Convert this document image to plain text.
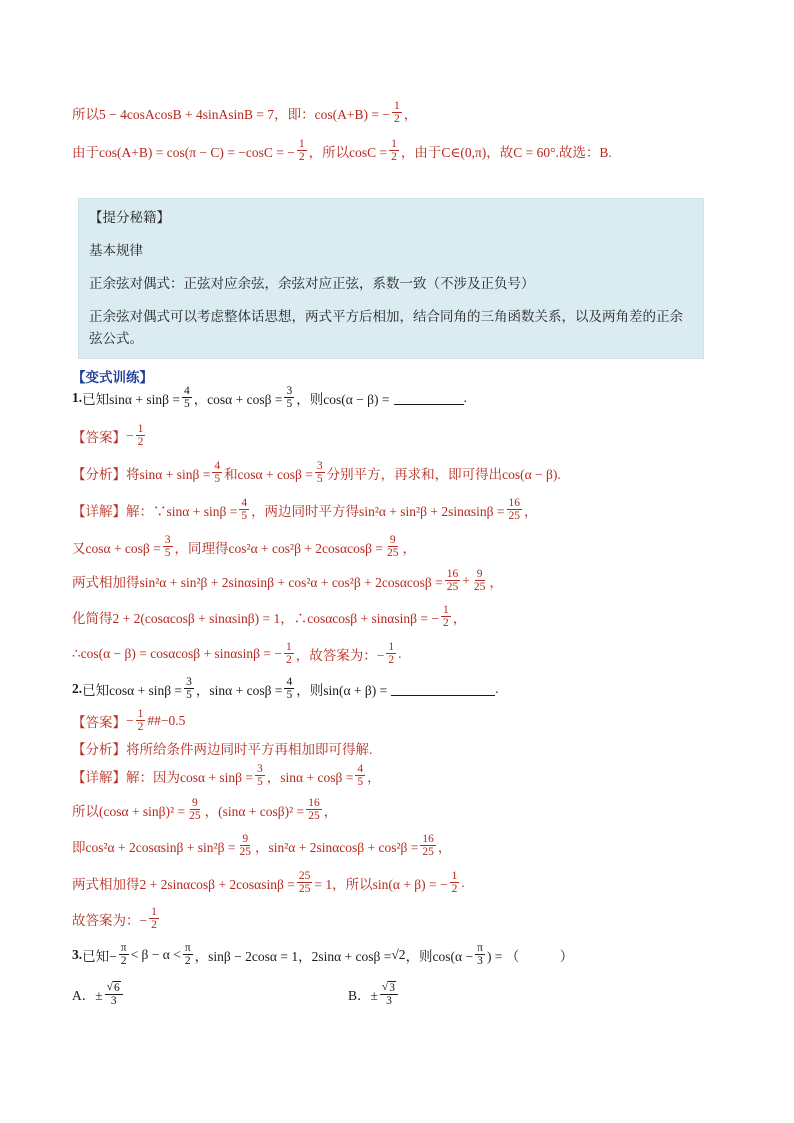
所以5 − 4cosAcosB + 4sinAsinB = 7，即：cos(A+B) = − $\frac{1}{2}$ ，
由于cos(A+B) = cos(π − C) = −cosC = − $\frac{1}{2}$ ，所以$\cos C = \frac{1}{2}$ ，由于C∈(0,π)，故C = 60°.故选：B.

【提分秘籍】

基本规律

正余弦对偶式：正弦对应余弦，余弦对应正弦，系数一致（不涉及正负号）

正余弦对偶式可以考虑整体话思想，两式平方后相加，结合同角的三角函数关系，以及两角差的正余弦公式。

【变式训练】
1. 已知$\sin\alpha + \sin\beta = \frac{4}{5}$ ，$\cos\alpha + \cos\beta = \frac{3}{5}$ ，则cos(α − β) =	.
【答案】 − $\frac{1}{2}$
【分析】 将$\sin\alpha + \sin\beta = \frac{4}{5}$ 和$\cos\alpha + \cos\beta = \frac{3}{5}$ 分别平方，再求和，即可得出cos(α − β).
【详解】 解：∵sinα + $\sin\beta = \frac{4}{5}$ ，两边同时平方得$\sin^2\alpha + \sin^2\beta + 2\sin\alpha\sin\beta = \frac{16}{25}$ ，
又$\cos\alpha + \cos\beta = \frac{3}{5}$ ，同理得$\cos^2\alpha + \cos^2\beta + 2\cos\alpha\cos\beta = \frac{9}{25}$ ，
两式相加得$\sin^2\alpha + \sin^2\beta + 2\sin\alpha\sin\beta + \cos^2\alpha + \cos^2\beta + 2\cos\alpha\cos\beta = \frac{16}{25} + \frac{9}{25}$ ，
化简得2 + 2(cosαcosβ + sinαsinβ) = 1，∴cosαcosβ + sinαsinβ = − $\frac{1}{2}$ ，
∴cos(α − β) = cosαcosβ + sinαsinβ = − $\frac{1}{2}$ ，故答案为：− $\frac{1}{2}$ .
2. 已知$\cos\alpha + \sin\beta = \frac{3}{5}$ ，$\sin\alpha + \cos\beta = \frac{4}{5}$ ，则sin(α + β) =	.
【答案】 − $\frac{1}{2}$ ##−0.5
【分析】 将所给条件两边同时平方再相加即可得解.
【详解】 解：因为$\cos\alpha + \sin\beta = \frac{3}{5}$ ，$\sin\alpha + \cos\beta = \frac{4}{5}$ ，
所以$(\cos\alpha + \sin\beta)^2 = \frac{9}{25}$ ，$(\sin\alpha + \cos\beta)^2 = \frac{16}{25}$ ，
即$\cos^2\alpha + 2\cos\alpha\sin\beta + \sin^2\beta = \frac{9}{25}$ ，$\sin^2\alpha + 2\sin\alpha\cos\beta + \cos^2\beta = \frac{16}{25}$ ，
两式相加得$2 + 2\sin\alpha\cos\beta + 2\cos\alpha\sin\beta = \frac{25}{25} = 1$，所以sin(α + β) = − $\frac{1}{2}$ .
故答案为：− $\frac{1}{2}$
3. 已知− $\frac{\pi}{2} < \beta - \alpha < \frac{\pi}{2}$ ，sinβ − 2cosα = 1，2sinα + cosβ = √2 ，则$\cos(\alpha - \frac{\pi}{3}$ ) = （　　　）
A．± $\frac{√ 6}{3}$	B．± $\frac{√ 3}{3}$
